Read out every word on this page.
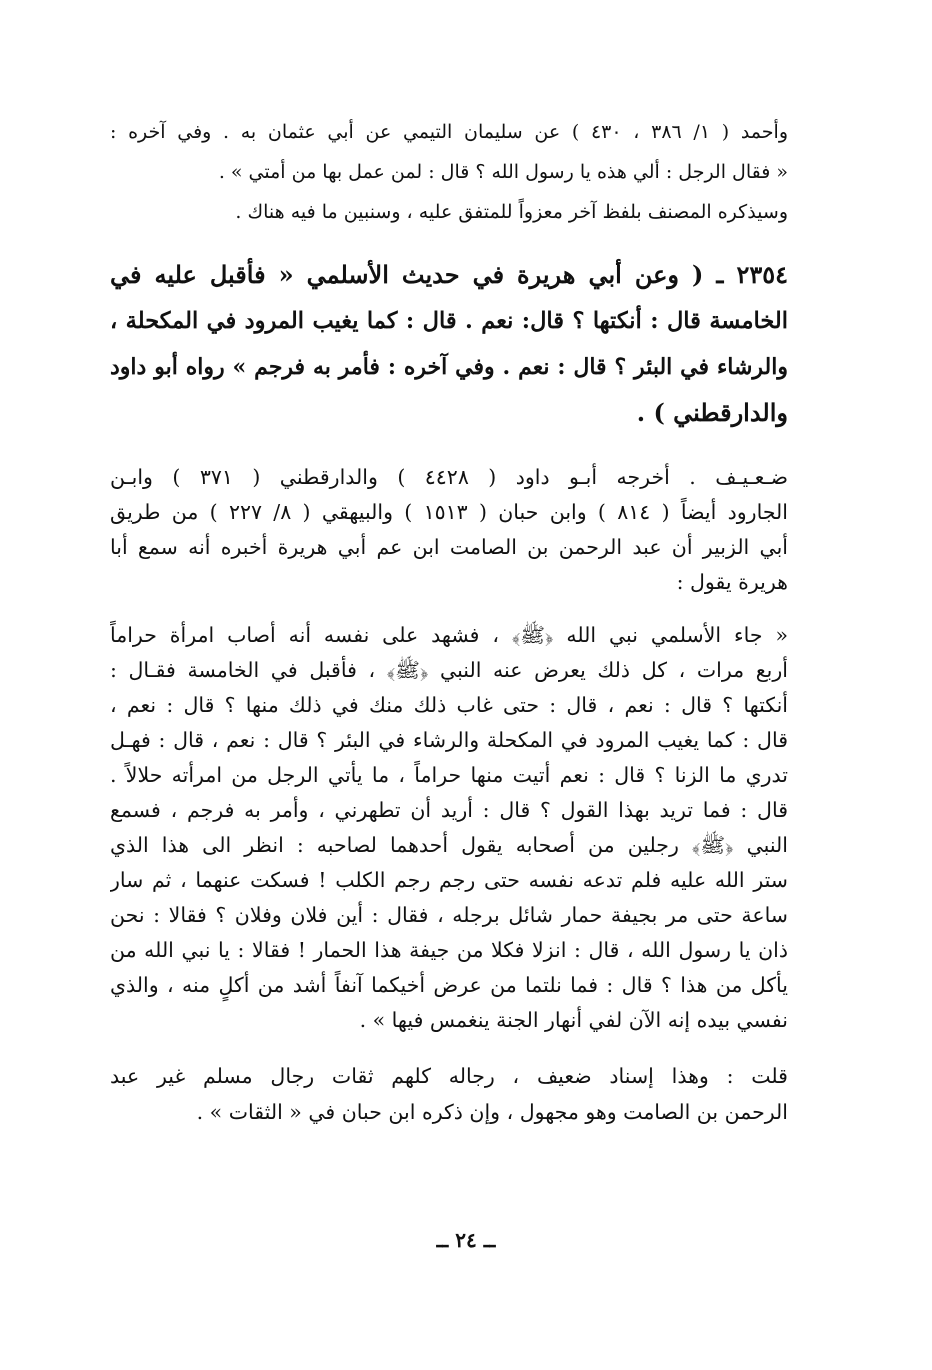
وأحمد ( ١/ ٣٨٦ ، ٤٣٠ ) عن سليمان التيمي عن أبي عثمان به . وفي آخره :
« فقال الرجل : ألي هذه يا رسول الله ؟ قال : لمن عمل بها من أمتي » .
وسيذكره المصنف بلفظ آخر معزواً للمتفق عليه ، وسنبين ما فيه هناك .
٢٣٥٤ ـ ( وعن أبي هريرة في حديث الأسلمي « فأقبل عليه في
الخامسة قال : أنكتها ؟ قال: نعم . قال : كما يغيب المرود في المكحلة ،
والرشاء في البئر ؟ قال : نعم . وفي آخره : فأمر به فرجم » رواه أبو داود
والدارقطني ) .
ضـعـيـف . أخرجه أبـو داود ( ٤٤٢٨ ) والدارقطني ( ٣٧١ ) وابـن
الجارود أيضاً ( ٨١٤ ) وابن حبان ( ١٥١٣ ) والبيهقي ( ٨/ ٢٢٧ ) من طريق
أبي الزبير أن عبد الرحمن بن الصامت ابن عم أبي هريرة أخبره أنه سمع أبا
هريرة يقول :
« جاء الأسلمي نبي الله ﴿ﷺ﴾ ، فشهد على نفسه أنه أصاب امرأة حراماً
أربع مرات ، كل ذلك يعرض عنه النبي ﴿ﷺ﴾ ، فأقبل في الخامسة فقـال :
أنكتها ؟ قال : نعم ، قال : حتى غاب ذلك منك في ذلك منها ؟ قال : نعم ،
قال : كما يغيب المرود في المكحلة والرشاء في البئر ؟ قال : نعم ، قال : فهـل
تدري ما الزنا ؟ قال : نعم أتيت منها حراماً ، ما يأتي الرجل من امرأته حلالاً .
قال : فما تريد بهذا القول ؟ قال : أريد أن تطهرني ، وأمر به فرجم ، فسمع
النبي ﴿ﷺ﴾ رجلين من أصحابه يقول أحدهما لصاحبه : انظر الى هذا الذي
ستر الله عليه فلم تدعه نفسه حتى رجم رجم الكلب ! فسكت عنهما ، ثم سار
ساعة حتى مر بجيفة حمار شائل برجله ، فقال : أين فلان وفلان ؟ فقالا : نحن
ذان يا رسول الله ، قال : انزلا فكلا من جيفة هذا الحمار ! فقالا : يا نبي الله من
يأكل من هذا ؟ قال : فما نلتما من عرض أخيكما آنفاً أشد من أكلٍ منه ، والذي
نفسي بيده إنه الآن لفي أنهار الجنة ينغمس فيها » .
قلت : وهذا إسناد ضعيف ، رجاله كلهم ثقات رجال مسلم غير عبد
الرحمن بن الصامت وهو مجهول ، وإن ذكره ابن حبان في « الثقات » .
ــ ٢٤ ــ
